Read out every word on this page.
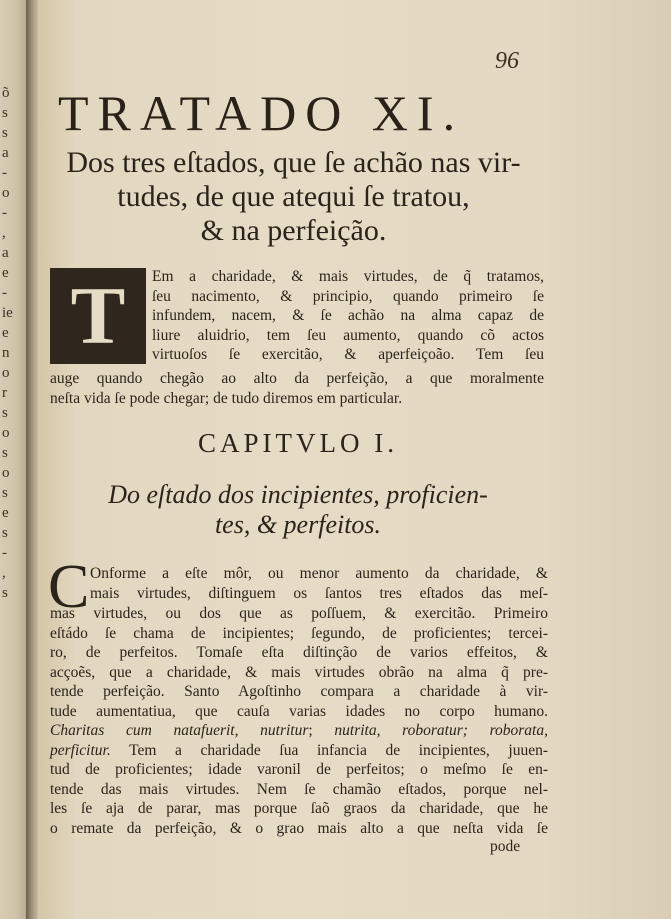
õ
s
s
a
-
o
-
,
a
e
-
ie
e
n
o
r
s
o
s
o
s
e
s
-
,
s
96
TRATADO XI.
Dos tres eſtados, que ſe achão nas vir-
tudes, de que atequi ſe tratou,
& na perfeição.
T	Em a charidade, & mais virtudes, de q̃ tratamos,
ſeu nacimento, & principio, quando primeiro ſe
infundem, nacem, & ſe achão na alma capaz de
liure aluidrio, tem ſeu aumento, quando cõ actos
virtuoſos ſe exercitão, & aperfeiçoão. Tem ſeu
auge quando chegão ao alto da perfeição, a que moralmente
neſta vida ſe pode chegar; de tudo diremos em particular.
CAPITVLO I.
Do eſtado dos incipientes, proficien-
tes, & perfeitos.
C Onforme a eſte môr, ou menor aumento da charidade, &
mais virtudes, diſtinguem os ſantos tres eſtados das meſ-
mas virtudes, ou dos que as poſſuem, & exercitão. Primeiro
eſtádo ſe chama de incipientes; ſegundo, de proficientes; tercei-
ro, de perfeitos. Tomaſe eſta diſtinção de varios effeitos, &
acçoẽs, que a charidade, & mais virtudes obrão na alma q̃ pre-
tende perfeição. Santo Agoſtinho compara a charidade à vir-
tude aumentatiua, que cauſa varias idades no corpo humano.
Charitas cum natafuerit, nutritur; nutrita, roboratur; roborata,
perficitur. Tem a charidade ſua infancia de incipientes, juuen-
tud de proficientes; idade varonil de perfeitos; o meſmo ſe en-
tende das mais virtudes. Nem ſe chamão eſtados, porque nel-
les ſe aja de parar, mas porque ſaõ graos da charidade, que he
o remate da perfeição, & o grao mais alto a que neſta vida ſe
pode
